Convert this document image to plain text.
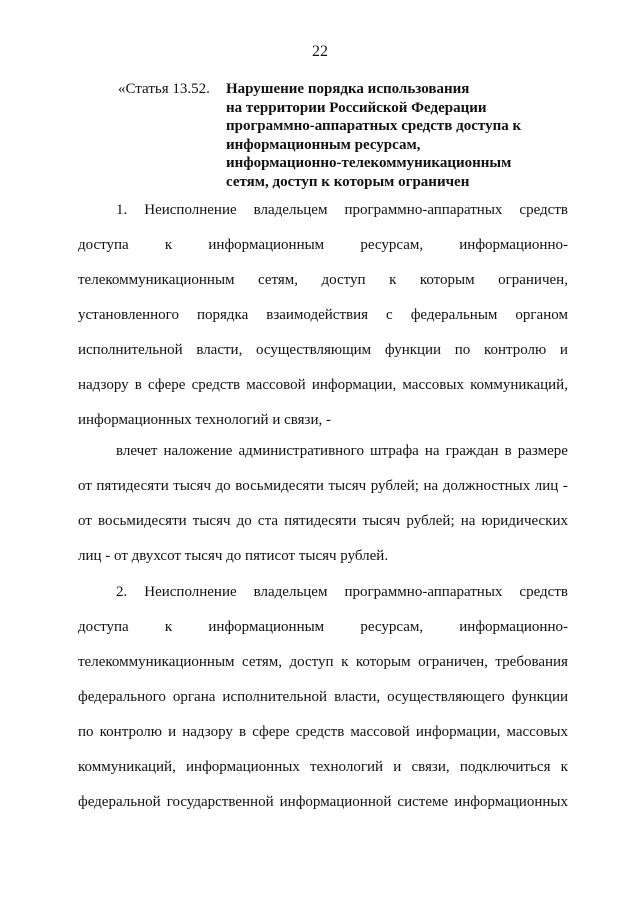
22
«Статья 13.52. Нарушение порядка использования
на территории Российской Федерации
программно-аппаратных средств доступа к
информационным ресурсам,
информационно-телекоммуникационным
сетям, доступ к которым ограничен
1. Неисполнение владельцем программно-аппаратных средств
доступа к информационным ресурсам, информационно-
телекоммуникационным сетям, доступ к которым ограничен,
установленного порядка взаимодействия с федеральным органом
исполнительной власти, осуществляющим функции по контролю и
надзору в сфере средств массовой информации, массовых коммуникаций,
информационных технологий и связи, -
влечет наложение административного штрафа на граждан в размере
от пятидесяти тысяч до восьмидесяти тысяч рублей; на должностных лиц -
от восьмидесяти тысяч до ста пятидесяти тысяч рублей; на юридических
лиц - от двухсот тысяч до пятисот тысяч рублей.
2. Неисполнение владельцем программно-аппаратных средств
доступа к информационным ресурсам, информационно-
телекоммуникационным сетям, доступ к которым ограничен, требования
федерального органа исполнительной власти, осуществляющего функции
по контролю и надзору в сфере средств массовой информации, массовых
коммуникаций, информационных технологий и связи, подключиться к
федеральной государственной информационной системе информационных
